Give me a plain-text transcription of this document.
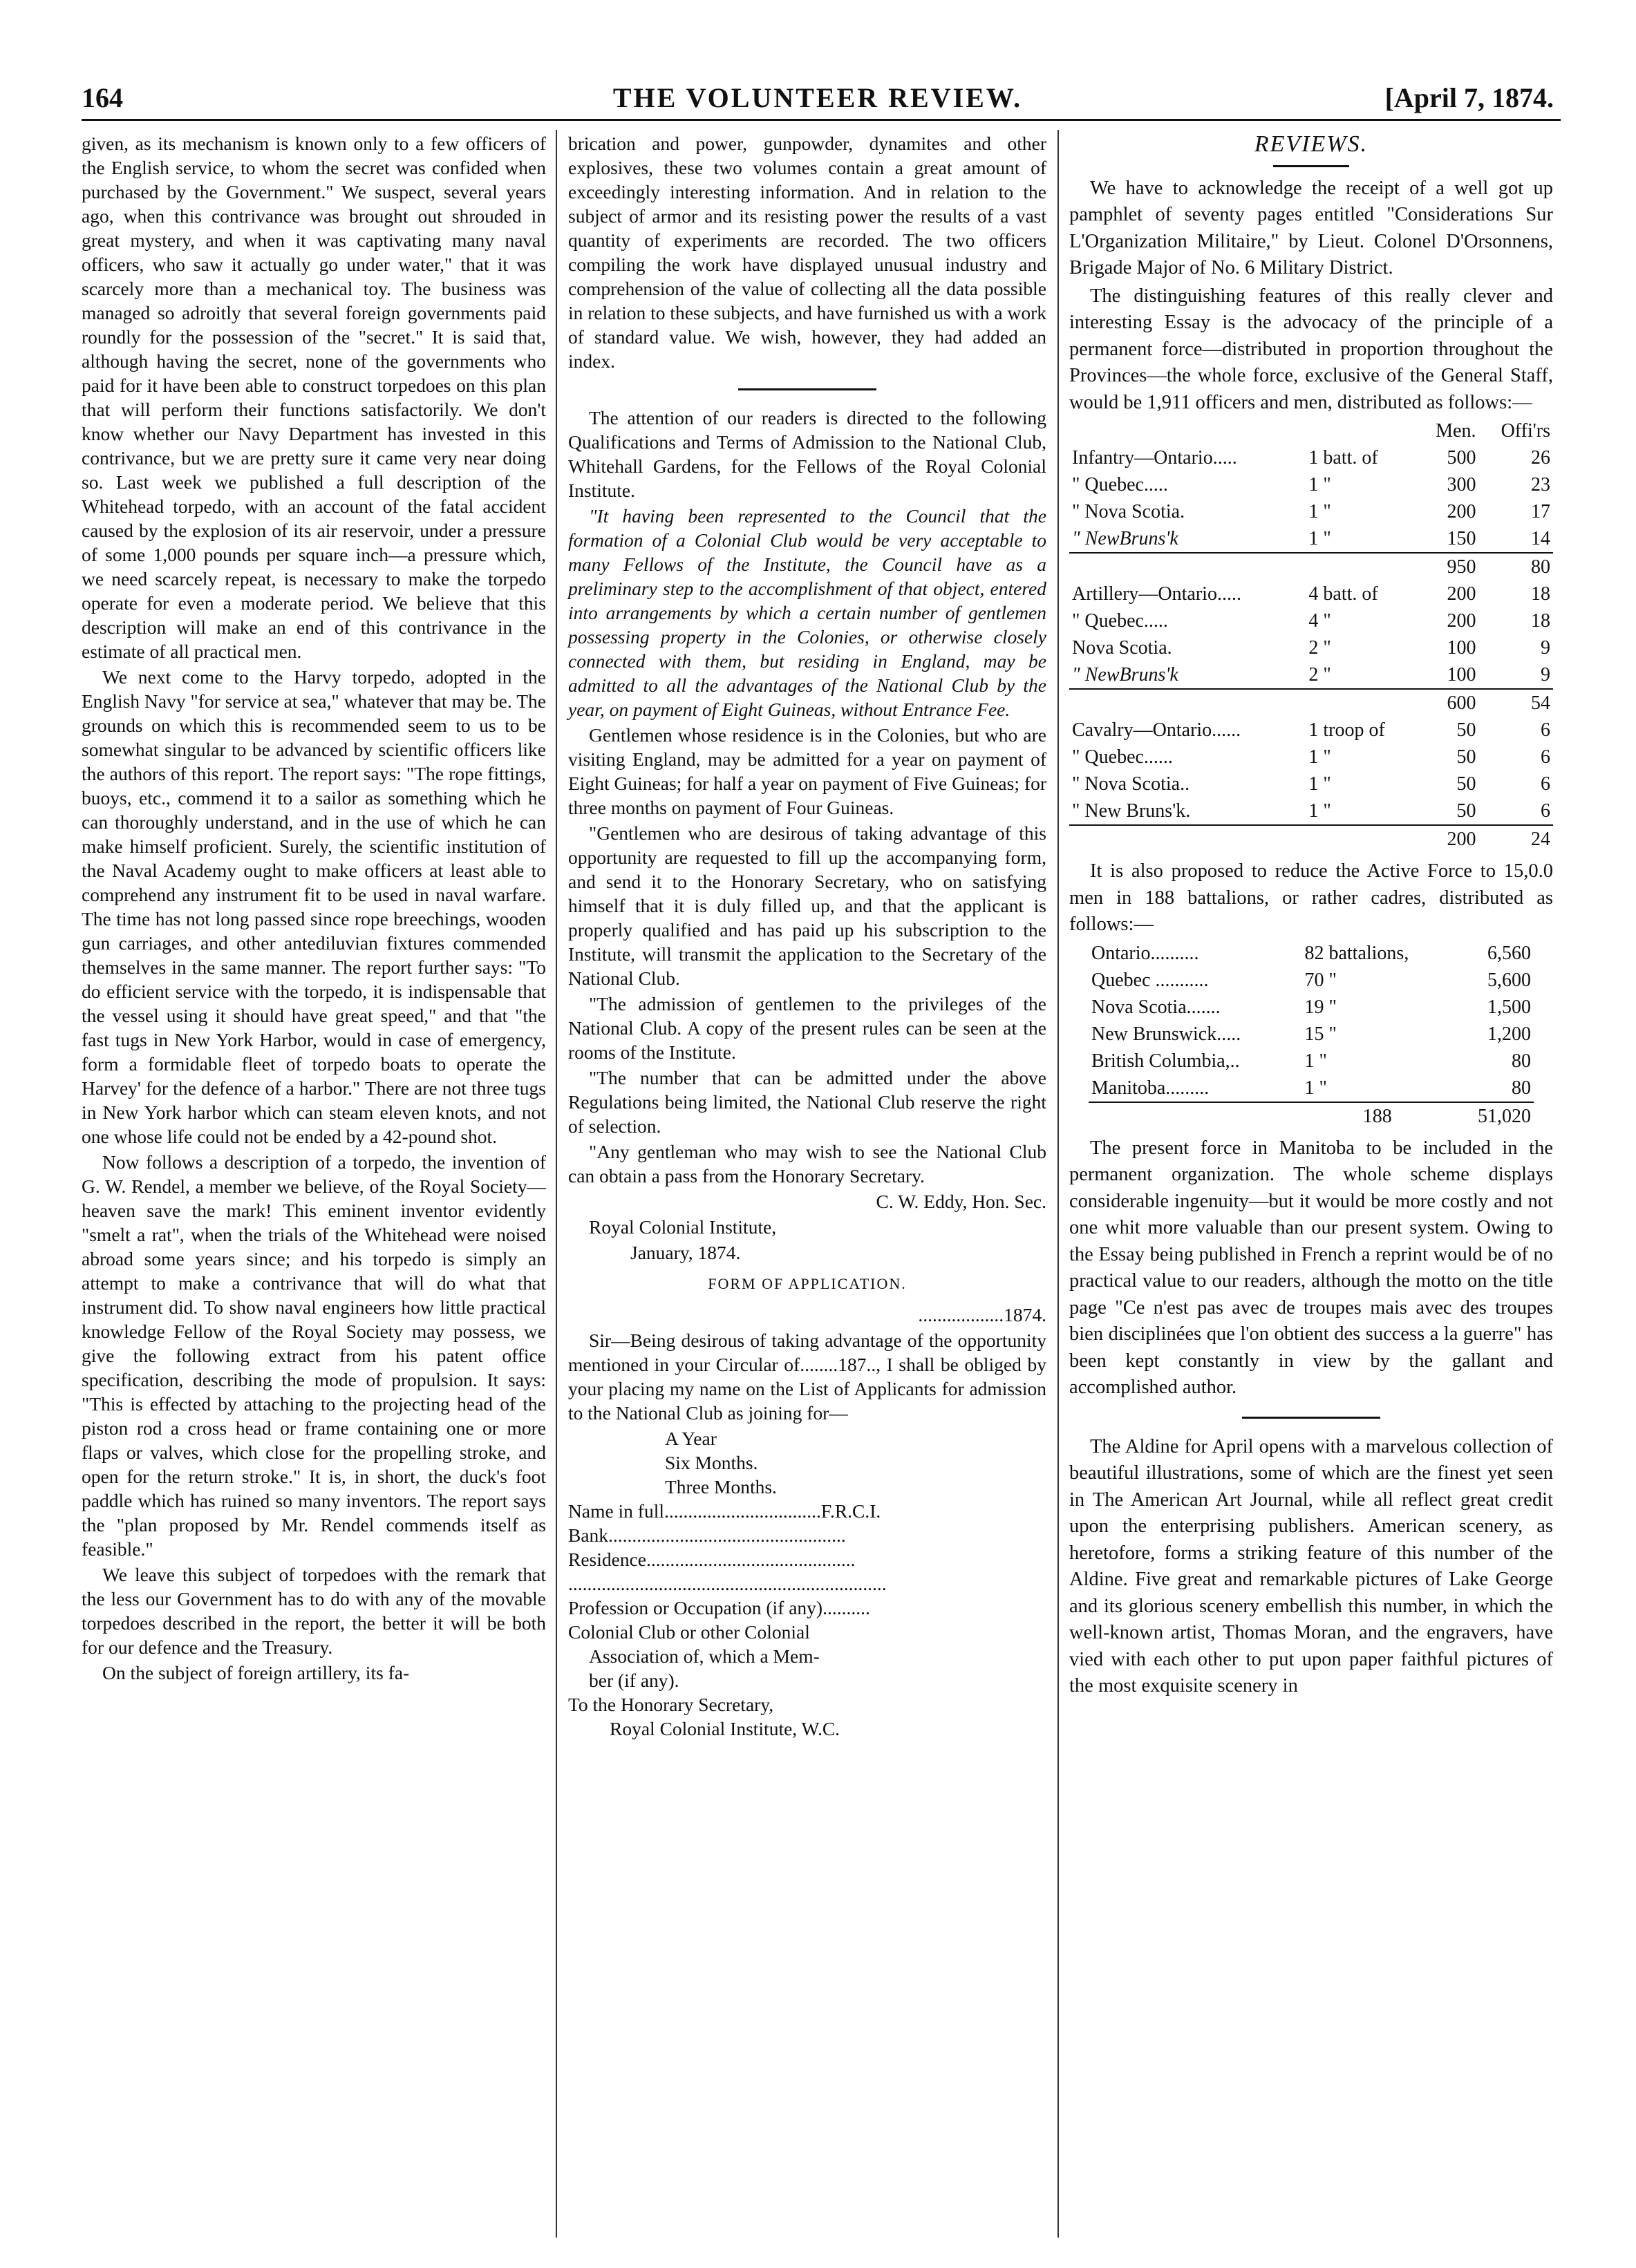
164	THE VOLUNTEER REVIEW.	[April 7, 1874.

given, as its mechanism is known only to a few officers of the English service, to whom the secret was confided when purchased by the Government." We suspect, several years ago, when this contrivance was brought out shrouded in great mystery, and when it was captivating many naval officers, who saw it actually go under water," that it was scarcely more than a mechanical toy. The business was managed so adroitly that several foreign governments paid roundly for the possession of the "secret." It is said that, although having the secret, none of the governments who paid for it have been able to construct torpedoes on this plan that will perform their functions satisfactorily. We don't know whether our Navy Department has invested in this contrivance, but we are pretty sure it came very near doing so. Last week we published a full description of the Whitehead torpedo, with an account of the fatal accident caused by the explosion of its air reservoir, under a pressure of some 1,000 pounds per square inch—a pressure which, we need scarcely repeat, is necessary to make the torpedo operate for even a moderate period. We believe that this description will make an end of this contrivance in the estimate of all practical men.

We next come to the Harvy torpedo, adopted in the English Navy "for service at sea," whatever that may be. The grounds on which this is recommended seem to us to be somewhat singular to be advanced by scientific officers like the authors of this report. The report says: "The rope fittings, buoys, etc., commend it to a sailor as something which he can thoroughly understand, and in the use of which he can make himself proficient. Surely, the scientific institution of the Naval Academy ought to make officers at least able to comprehend any instrument fit to be used in naval warfare. The time has not long passed since rope breechings, wooden gun carriages, and other antediluvian fixtures commended themselves in the same manner. The report further says: "To do efficient service with the torpedo, it is indispensable that the vessel using it should have great speed," and that "the fast tugs in New York Harbor, would in case of emergency, form a formidable fleet of torpedo boats to operate the Harvey' for the defence of a harbor." There are not three tugs in New York harbor which can steam eleven knots, and not one whose life could not be ended by a 42-pound shot.

Now follows a description of a torpedo, the invention of G. W. Rendel, a member we believe, of the Royal Society—heaven save the mark! This eminent inventor evidently "smelt a rat", when the trials of the Whitehead were noised abroad some years since; and his torpedo is simply an attempt to make a contrivance that will do what that instrument did. To show naval engineers how little practical knowledge Fellow of the Royal Society may possess, we give the following extract from his patent office specification, describing the mode of propulsion. It says: "This is effected by attaching to the projecting head of the piston rod a cross head or frame containing one or more flaps or valves, which close for the propelling stroke, and open for the return stroke." It is, in short, the duck's foot paddle which has ruined so many inventors. The report says the "plan proposed by Mr. Rendel commends itself as feasible."

We leave this subject of torpedoes with the remark that the less our Government has to do with any of the movable torpedoes described in the report, the better it will be both for our defence and the Treasury.

On the subject of foreign artillery, its fa-

brication and power, gunpowder, dynamites and other explosives, these two volumes contain a great amount of exceedingly interesting information. And in relation to the subject of armor and its resisting power the results of a vast quantity of experiments are recorded. The two officers compiling the work have displayed unusual industry and comprehension of the value of collecting all the data possible in relation to these subjects, and have furnished us with a work of standard value. We wish, however, they had added an index.

The attention of our readers is directed to the following Qualifications and Terms of Admission to the National Club, Whitehall Gardens, for the Fellows of the Royal Colonial Institute.

"It having been represented to the Council that the formation of a Colonial Club would be very acceptable to many Fellows of the Institute, the Council have as a preliminary step to the accomplishment of that object, entered into arrangements by which a certain number of gentlemen possessing property in the Colonies, or otherwise closely connected with them, but residing in England, may be admitted to all the advantages of the National Club by the year, on payment of Eight Guineas, without Entrance Fee.

Gentlemen whose residence is in the Colonies, but who are visiting England, may be admitted for a year on payment of Eight Guineas; for half a year on payment of Five Guineas; for three months on payment of Four Guineas.

"Gentlemen who are desirous of taking advantage of this opportunity are requested to fill up the accompanying form, and send it to the Honorary Secretary, who on satisfying himself that it is duly filled up, and that the applicant is properly qualified and has paid up his subscription to the Institute, will transmit the application to the Secretary of the National Club.

"The admission of gentlemen to the privileges of the National Club. A copy of the present rules can be seen at the rooms of the Institute.

"The number that can be admitted under the above Regulations being limited, the National Club reserve the right of selection.

"Any gentleman who may wish to see the National Club can obtain a pass from the Honorary Secretary.

C. W. Eddy, Hon. Sec.

Royal Colonial Institute,

January, 1874.

FORM OF APPLICATION.

..................1874.

Sir—Being desirous of taking advantage of the opportunity mentioned in your Circular of........187.., I shall be obliged by your placing my name on the List of Applicants for admission to the National Club as joining for—

A Year
Six Months.
Three Months.
Name in full.................................F.R.C.I.
Bank..................................................
Residence............................................
...................................................................
Profession or Occupation (if any)..........
Colonial Club or other Colonial
Association of, which a Mem-
ber (if any).
To the Honorary Secretary,
Royal Colonial Institute, W.C.

REVIEWS.

We have to acknowledge the receipt of a well got up pamphlet of seventy pages entitled "Considerations Sur L'Organization Militaire," by Lieut. Colonel D'Orsonnens, Brigade Major of No. 6 Military District.

The distinguishing features of this really clever and interesting Essay is the advocacy of the principle of a permanent force—distributed in proportion throughout the Provinces—the whole force, exclusive of the General Staff, would be 1,911 officers and men, distributed as follows:—

		Men.	Offi'rs
Infantry—Ontario.....	1 batt. of	500	26
" Quebec.....	1 "	300	23
" Nova Scotia.	1 "	200	17
" NewBruns'k	1 "	150	14
		950	80
Artillery—Ontario.....	4 batt. of	200	18
" Quebec.....	4 "	200	18
Nova Scotia.	2 "	100	9
" NewBruns'k	2 "	100	9
		600	54
Cavalry—Ontario......	1 troop of	50	6
" Quebec......	1 "	50	6
" Nova Scotia..	1 "	50	6
" New Bruns'k.	1 "	50	6
		200	24

It is also proposed to reduce the Active Force to 15,0.0 men in 188 battalions, or rather cadres, distributed as follows:—

Ontario..........	82 battalions,	6,560
Quebec ...........	70 "	5,600
Nova Scotia.......	19 "	1,500
New Brunswick.....	15 "	1,200
British Columbia,..	1 "	80
Manitoba.........	1 "	80
	188	51,020

The present force in Manitoba to be included in the permanent organization. The whole scheme displays considerable ingenuity—but it would be more costly and not one whit more valuable than our present system. Owing to the Essay being published in French a reprint would be of no practical value to our readers, although the motto on the title page "Ce n'est pas avec de troupes mais avec des troupes bien disciplinées que l'on obtient des success a la guerre" has been kept constantly in view by the gallant and accomplished author.

The Aldine for April opens with a marvelous collection of beautiful illustrations, some of which are the finest yet seen in The American Art Journal, while all reflect great credit upon the enterprising publishers. American scenery, as heretofore, forms a striking feature of this number of the Aldine. Five great and remarkable pictures of Lake George and its glorious scenery embellish this number, in which the well-known artist, Thomas Moran, and the engravers, have vied with each other to put upon paper faithful pictures of the most exquisite scenery in
